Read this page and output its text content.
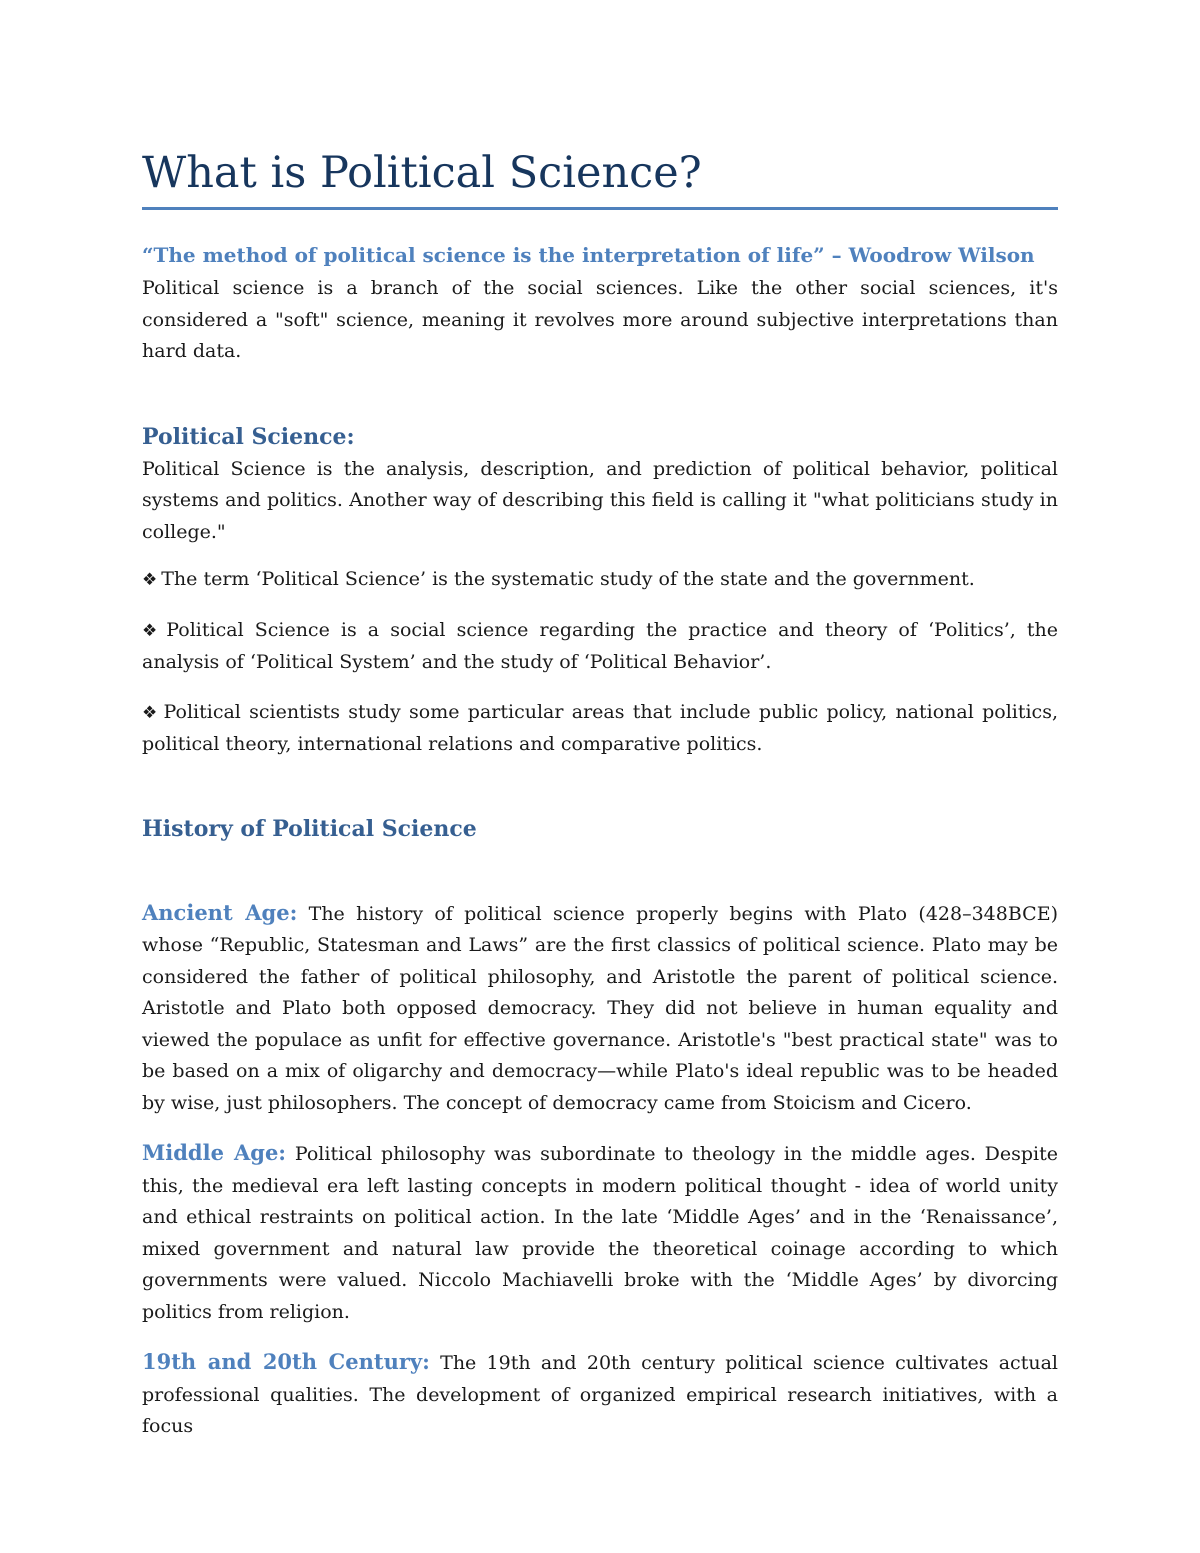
What is Political Science?
“The method of political science is the interpretation of life” – Woodrow Wilson

Political science is a branch of the social sciences. Like the other social sciences, it's considered a "soft" science, meaning it revolves more around subjective interpretations than hard data.

Political Science:

Political Science is the analysis, description, and prediction of political behavior, political systems and politics. Another way of describing this field is calling it "what politicians study in college."

❖ The term ‘Political Science’ is the systematic study of the state and the government.

❖ Political Science is a social science regarding the practice and theory of ‘Politics’, the analysis of ‘Political System’ and the study of ‘Political Behavior’.

❖ Political scientists study some particular areas that include public policy, national politics, political theory, international relations and comparative politics.

History of Political Science

Ancient Age: The history of political science properly begins with Plato (428–348BCE) whose “Republic, Statesman and Laws” are the first classics of political science. Plato may be considered the father of political philosophy, and Aristotle the parent of political science. Aristotle and Plato both opposed democracy. They did not believe in human equality and viewed the populace as unfit for effective governance. Aristotle's "best practical state" was to be based on a mix of oligarchy and democracy—while Plato's ideal republic was to be headed by wise, just philosophers. The concept of democracy came from Stoicism and Cicero.

Middle Age: Political philosophy was subordinate to theology in the middle ages. Despite this, the medieval era left lasting concepts in modern political thought - idea of world unity and ethical restraints on political action. In the late ‘Middle Ages’ and in the ‘Renaissance’, mixed government and natural law provide the theoretical coinage according to which governments were valued. Niccolo Machiavelli broke with the ‘Middle Ages’ by divorcing politics from religion.

19th and 20th Century: The 19th and 20th century political science cultivates actual professional qualities. The development of organized empirical research initiatives, with a focus
